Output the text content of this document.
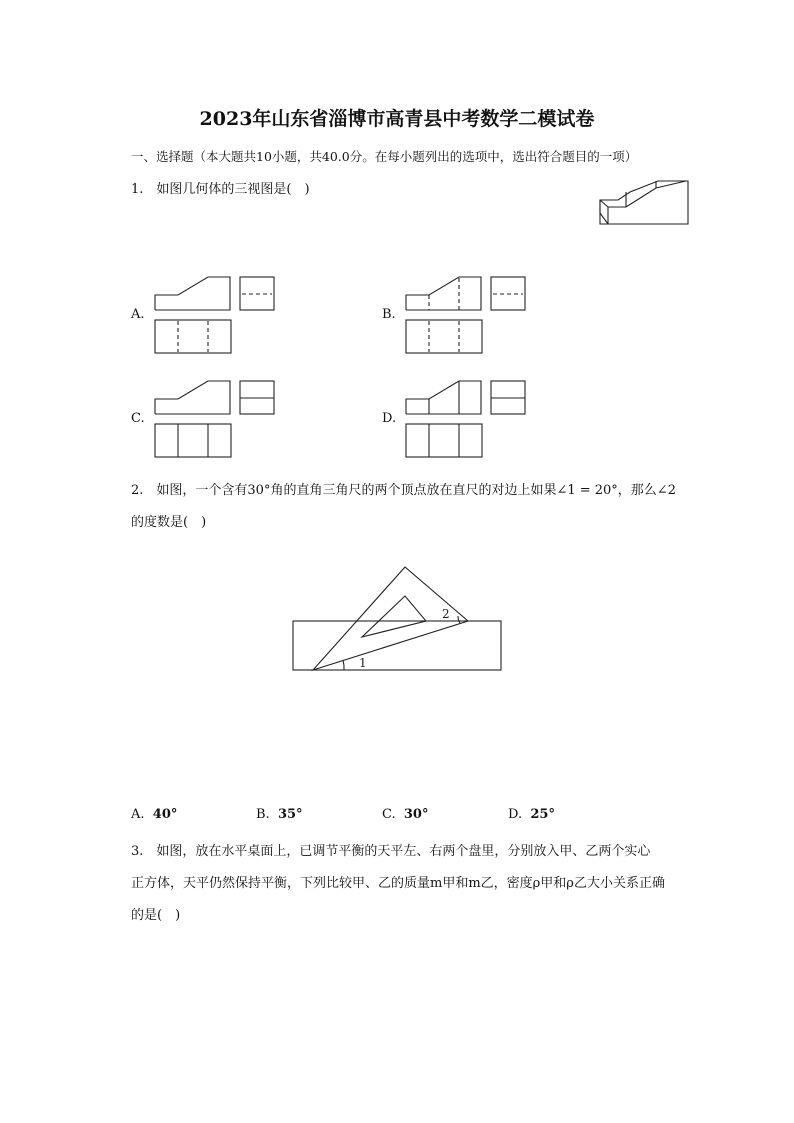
2023年山东省淄博市高青县中考数学二模试卷
一、选择题（本大题共10小题，共40.0分。在每小题列出的选项中，选出符合题目的一项）
1.　如图几何体的三视图是(　)
A.	B.
C.	D.
2.　如图，一个含有30°角的直角三角尺的两个顶点放在直尺的对边上如果∠1 = 20°，那么∠2
的度数是(　)
1
2
A. 40°	B. 35°	C. 30°	D. 25°
3.　如图，放在水平桌面上，已调节平衡的天平左、右两个盘里，分别放入甲、乙两个实心
正方体，天平仍然保持平衡，下列比较甲、乙的质量m甲和m乙，密度ρ甲和ρ乙大小关系正确
的是(　)
